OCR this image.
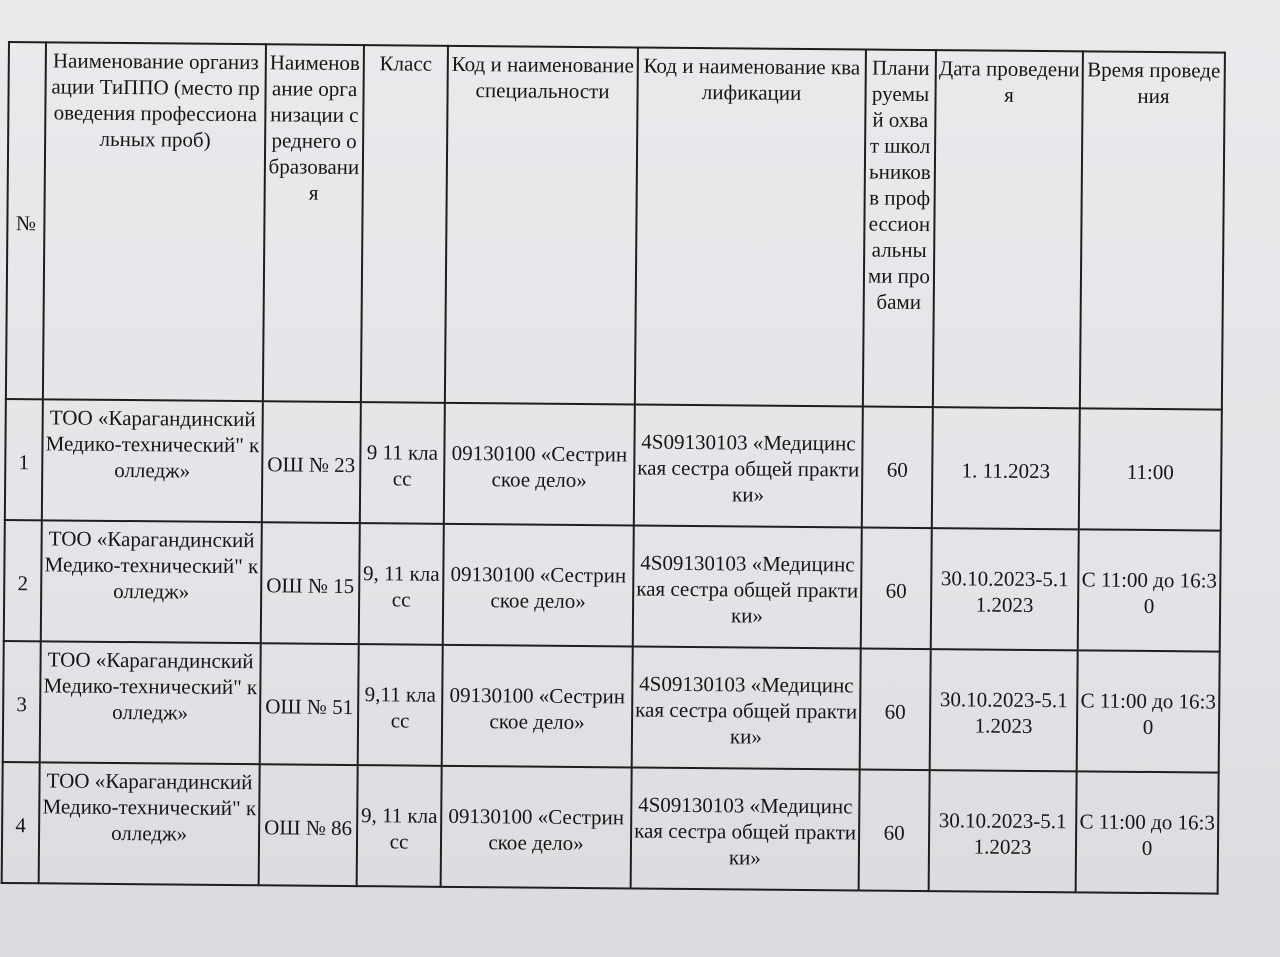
№	Наименование организации ТиППО (место проведения профессиональных проб)	Наименование организации среднего образования	Класс	Код и наименование специальности	Код и наименование квалификации	Планируемый охват школьников в профессиональными пробами	Дата проведения	Время проведения
1	ТОО «Карагандинский Медико-технический" колледж»	ОШ № 23	9 11 класс	09130100 «Сестринское дело»	4S09130103 «Медицинская сестра общей практики»	60	1. 11.2023	11:00
2	ТОО «Карагандинский Медико-технический" колледж»	ОШ № 15	9, 11 класс	09130100 «Сестринское дело»	4S09130103 «Медицинская сестра общей практики»	60	30.10.2023-5.11.2023	С 11:00 до 16:30
3	ТОО «Карагандинский Медико-технический" колледж»	ОШ № 51	9,11 класс	09130100 «Сестринское дело»	4S09130103 «Медицинская сестра общей практики»	60	30.10.2023-5.11.2023	С 11:00 до 16:30
4	ТОО «Карагандинский Медико-технический" колледж»	ОШ № 86	9, 11 класс	09130100 «Сестринское дело»	4S09130103 «Медицинская сестра общей практики»	60	30.10.2023-5.11.2023	С 11:00 до 16:30
